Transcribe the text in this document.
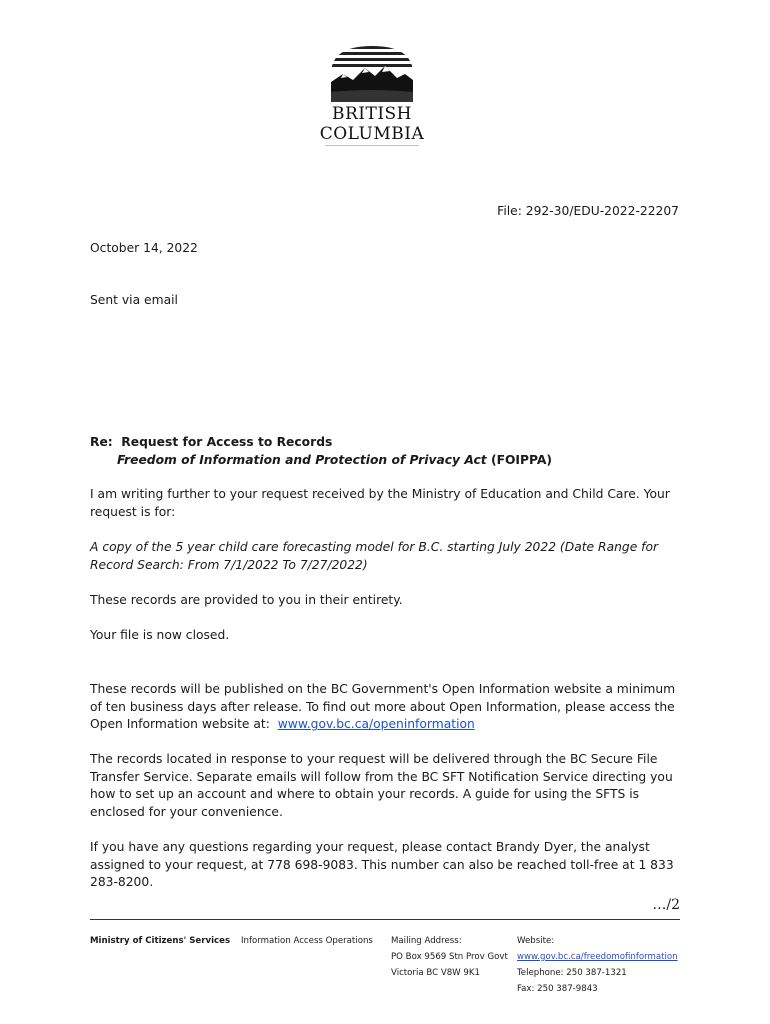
BRITISH
COLUMBIA
File: 292-30/EDU-2022-22207
October 14, 2022
Sent via email
Re: Request for Access to Records
Freedom of Information and Protection of Privacy Act (FOIPPA)
I am writing further to your request received by the Ministry of Education and Child Care. Your request is for:
A copy of the 5 year child care forecasting model for B.C. starting July 2022 (Date Range for Record Search: From 7/1/2022 To 7/27/2022)
These records are provided to you in their entirety.
Your file is now closed.
These records will be published on the BC Government's Open Information website a minimum of ten business days after release. To find out more about Open Information, please access the Open Information website at: www.gov.bc.ca/openinformation
The records located in response to your request will be delivered through the BC Secure File Transfer Service. Separate emails will follow from the BC SFT Notification Service directing you how to set up an account and where to obtain your records. A guide for using the SFTS is enclosed for your convenience.
If you have any questions regarding your request, please contact Brandy Dyer, the analyst assigned to your request, at 778 698-9083. This number can also be reached toll-free at 1 833 283-8200.
…/2
Ministry of Citizens' Services Information Access Operations Mailing Address:
PO Box 9569 Stn Prov Govt
Victoria BC V8W 9K1
Website:
www.gov.bc.ca/freedomofinformation
Telephone: 250 387-1321
Fax: 250 387-9843
